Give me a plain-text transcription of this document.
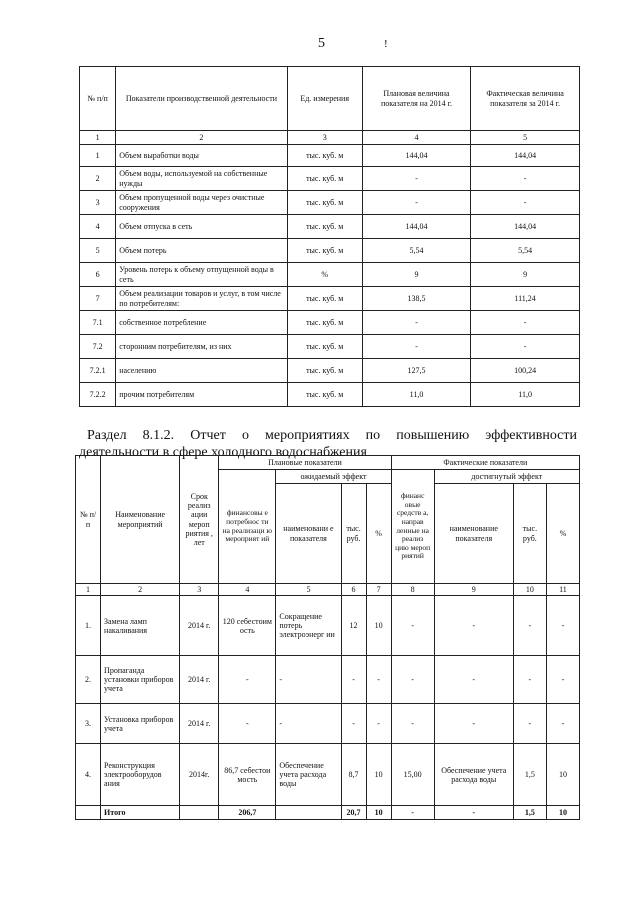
5	!
№ п/п	Показатели производственной деятельности	Ед. измерения	Плановая величина показателя на 2014 г.	Фактическая величина показателя за 2014 г.
1	2	3	4	5
1	Объем выработки воды	тыс. куб. м	144,04	144,04
2	Объем воды, используемой на собственные нужды	тыс. куб. м	-	-
3	Объем пропущенной воды через очистные сооружения	тыс. куб. м	-	-
4	Объем отпуска в сеть	тыс. куб. м	144,04	144,04
5	Объем потерь	тыс. куб. м	5,54	5,54
6	Уровень потерь к объему отпущенной воды в сеть	%	9	9
7	Объем реализации товаров и услуг, в том числе по потребителям:	тыс. куб. м	138,5	111,24
7.1	собственное потребление	тыс. куб. м	-	-
7.2	сторонним потребителям, из них	тыс. куб. м	-	-
7.2.1	населению	тыс. куб. м	127,5	100,24
7.2.2	прочим потребителям	тыс. куб. м	11,0	11,0
Раздел 8.1.2. Отчет о мероприятиях по повышению эффективности
деятельности в сфере холодного водоснабжения
№ п/ п	Наименование мероприятий	Срок реализ ации мероп риятия , лет	Плановые показатели				Фактические показатели			
			финансовы е потребнос ти на реализаци ю мероприят ий	ожидаемый эффект			финанс овые средств а, направ ленные на реализ цию мероп риятий	достигнутый эффект		
				наименовани е показателя	тыс. руб.	%		наименование показателя	тыс. руб.	%
1	2	3	4	5	6	7	8	9	10	11
1.	Замена ламп накаливания	2014 г.	120 себестоим ость	Сокращение потерь электроэнерг ии	12	10	-	-	-	-
2.	Пропаганда установки приборов учета	2014 г.	-	-	-	-	-	-	-	-
3.	Установка приборов учета	2014 г.	-	-	-	-	-	-	-	-
4.	Реконструкция электрооборудов ания	2014г.	86,7 себестои мость	Обеспечение учета расхода воды	8,7	10	15,00	Обеспечение учета расхода воды	1,5	10
	Итого		206,7		20,7	10	-	-	1,5	10
